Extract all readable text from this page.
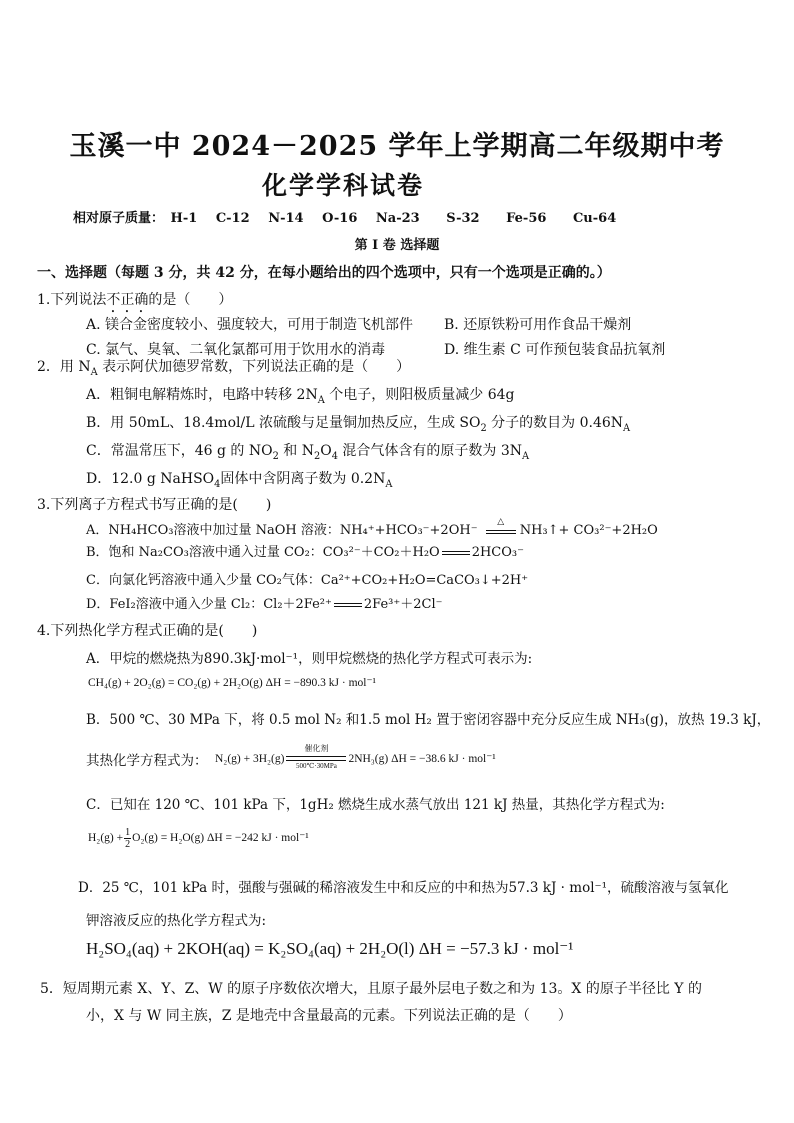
玉溪一中 2024－2025 学年上学期高二年级期中考
化学学科试卷
相对原子质量： H-1 C-12 N-14 O-16 Na-23 S-32 Fe-56 Cu-64
第 I 卷 选择题
一、选择题（每题 3 分，共 42 分，在每小题给出的四个选项中，只有一个选项是正确的。）
1.下列说法不正确的是（　　）
A. 镁合金密度较小、强度较大，可用于制造飞机部件 B. 还原铁粉可用作食品干燥剂
C. 氯气、臭氧、二氧化氯都可用于饮用水的消毒	D. 维生素 C 可作预包装食品抗氧剂
2．用 $N_A$ 表示阿伏加德罗常数，下列说法正确的是（　　）
A．粗铜电解精炼时，电路中转移 $2N_A$ 个电子，则阳极质量减少 64g
B．用 50mL、18.4mol/L 浓硫酸与足量铜加热反应，生成 $SO_2$ 分子的数目为 $0.46N_A$
C．常温常压下，46 g 的 $NO_2$ 和 $N_2O_4$ 混合气体含有的原子数为 $3N_A$
D．12.0 g NaHSO$_4$固体中含阴离子数为 $0.2N_A$
3.下列离子方程式书写正确的是(　　)
A．NH₄HCO₃溶液中加过量 NaOH 溶液：NH₄⁺+HCO₃⁻+2OH⁻
△
NH₃↑+ CO₃²⁻+2H₂O
B．饱和 Na₂CO₃溶液中通入过量 CO₂：CO₃²⁻＋CO₂＋H₂O 2HCO₃⁻
C．向氯化钙溶液中通入少量 CO₂气体：Ca²⁺+CO₂+H₂O=CaCO₃↓+2H⁺
D．FeI₂溶液中通入少量 Cl₂：Cl₂＋2Fe²⁺ 2Fe³⁺＋2Cl⁻
4.下列热化学方程式正确的是(　　)
A．甲烷的燃烧热为890.3kJ·mol⁻¹，则甲烷燃烧的热化学方程式可表示为:
CH₄(g) + 2O₂(g) = CO₂(g) + 2H₂O(g) ΔH = −890.3 kJ · mol⁻¹
B．500 ℃、30 MPa 下，将 0.5 mol N₂ 和1.5 mol H₂ 置于密闭容器中充分反应生成 NH₃(g)，放热 19.3 kJ，
其热化学方程式为： N₂(g) + 3H₂(g)
催化剂
500℃·30MPa
2NH₃(g) ΔH = −38.6 kJ · mol⁻¹
C．已知在 120 ℃、101 kPa 下，1gH₂ 燃烧生成水蒸气放出 121 kJ 热量，其热化学方程式为:
$H_2(g) + \frac{1}{2}O_2(g) = H_2O(g) \Delta H = -242$ kJ · mol⁻¹
D．25 ℃，101 kPa 时，强酸与强碱的稀溶液发生中和反应的中和热为57.3 kJ · mol⁻¹，硫酸溶液与氢氧化
钾溶液反应的热化学方程式为:
H₂SO₄(aq) + 2KOH(aq) = K₂SO₄(aq) + 2H₂O(l) ΔH = −57.3 kJ · mol⁻¹
5．短周期元素 X、Y、Z、W 的原子序数依次增大，且原子最外层电子数之和为 13。X 的原子半径比 Y 的
小，X 与 W 同主族，Z 是地壳中含量最高的元素。下列说法正确的是（　　）
